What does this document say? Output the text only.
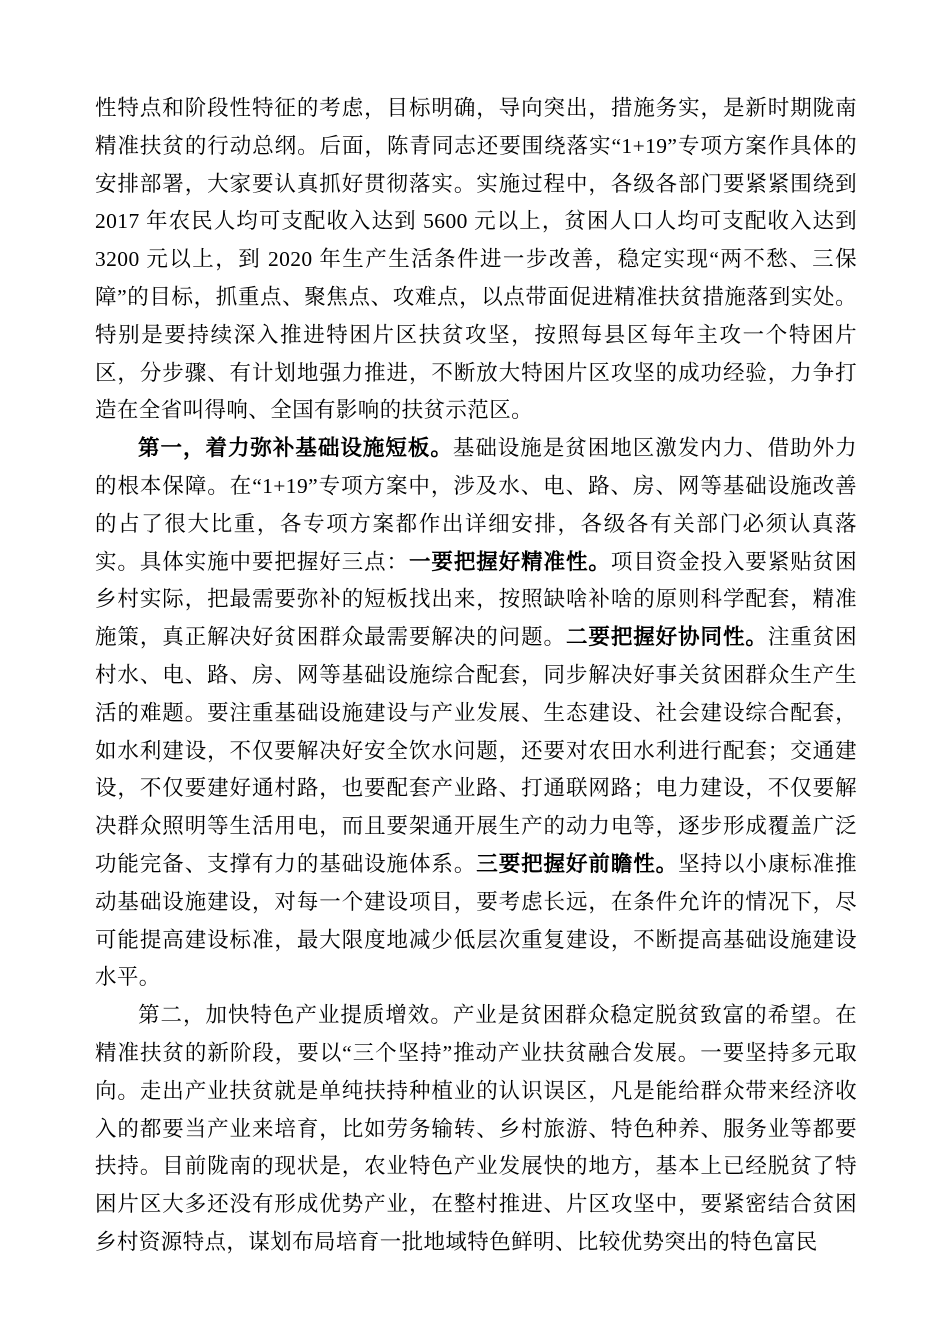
性特点和阶段性特征的考虑，目标明确，导向突出，措施务实，是新时期陇南精准扶贫的行动总纲。后面，陈青同志还要围绕落实“1+19”专项方案作具体的安排部署，大家要认真抓好贯彻落实。实施过程中，各级各部门要紧紧围绕到 2017 年农民人均可支配收入达到 5600 元以上，贫困人口人均可支配收入达到 3200 元以上，到 2020 年生产生活条件进一步改善，稳定实现“两不愁、三保障”的目标，抓重点、聚焦点、攻难点，以点带面促进精准扶贫措施落到实处。特别是要持续深入推进特困片区扶贫攻坚，按照每县区每年主攻一个特困片区，分步骤、有计划地强力推进，不断放大特困片区攻坚的成功经验，力争打造在全省叫得响、全国有影响的扶贫示范区。

第一，着力弥补基础设施短板。基础设施是贫困地区激发内力、借助外力的根本保障。在“1+19”专项方案中，涉及水、电、路、房、网等基础设施改善的占了很大比重，各专项方案都作出详细安排，各级各有关部门必须认真落实。具体实施中要把握好三点：一要把握好精准性。项目资金投入要紧贴贫困乡村实际，把最需要弥补的短板找出来，按照缺啥补啥的原则科学配套，精准施策，真正解决好贫困群众最需要解决的问题。二要把握好协同性。注重贫困村水、电、路、房、网等基础设施综合配套，同步解决好事关贫困群众生产生活的难题。要注重基础设施建设与产业发展、生态建设、社会建设综合配套，如水利建设，不仅要解决好安全饮水问题，还要对农田水利进行配套；交通建设，不仅要建好通村路，也要配套产业路、打通联网路；电力建设，不仅要解决群众照明等生活用电，而且要架通开展生产的动力电等，逐步形成覆盖广泛功能完备、支撑有力的基础设施体系。三要把握好前瞻性。坚持以小康标准推动基础设施建设，对每一个建设项目，要考虑长远，在条件允许的情况下，尽可能提高建设标准，最大限度地减少低层次重复建设，不断提高基础设施建设水平。

第二，加快特色产业提质增效。产业是贫困群众稳定脱贫致富的希望。在精准扶贫的新阶段，要以“三个坚持”推动产业扶贫融合发展。一要坚持多元取向。走出产业扶贫就是单纯扶持种植业的认识误区，凡是能给群众带来经济收入的都要当产业来培育，比如劳务输转、乡村旅游、特色种养、服务业等都要扶持。目前陇南的现状是，农业特色产业发展快的地方，基本上已经脱贫了特困片区大多还没有形成优势产业，在整村推进、片区攻坚中，要紧密结合贫困乡村资源特点，谋划布局培育一批地域特色鲜明、比较优势突出的特色富民
